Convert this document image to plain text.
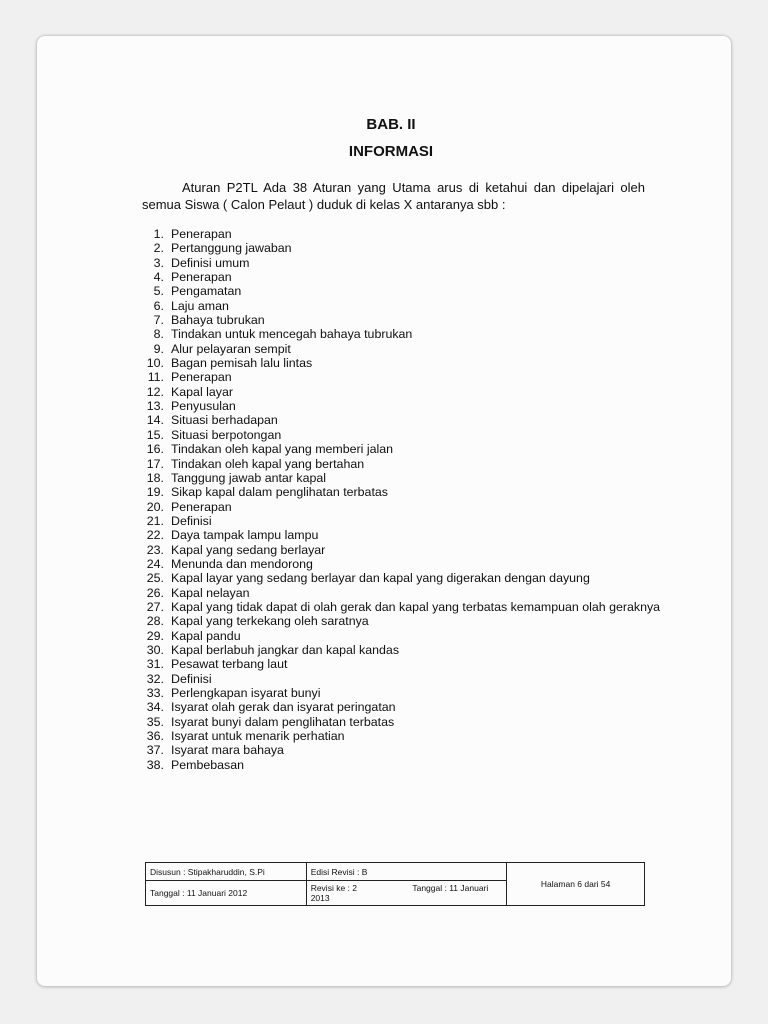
BAB. II
INFORMASI

Aturan P2TL Ada 38 Aturan yang Utama arus di ketahui dan dipelajari oleh semua Siswa ( Calon Pelaut ) duduk di kelas X antaranya sbb :

1. Penerapan
2. Pertanggung jawaban
3. Definisi umum
4. Penerapan
5. Pengamatan
6. Laju aman
7. Bahaya tubrukan
8. Tindakan untuk mencegah bahaya tubrukan
9. Alur pelayaran sempit
10. Bagan pemisah lalu lintas
11. Penerapan
12. Kapal layar
13. Penyusulan
14. Situasi berhadapan
15. Situasi berpotongan
16. Tindakan oleh kapal yang memberi jalan
17. Tindakan oleh kapal yang bertahan
18. Tanggung jawab antar kapal
19. Sikap kapal dalam penglihatan terbatas
20. Penerapan
21. Definisi
22. Daya tampak lampu lampu
23. Kapal yang sedang berlayar
24. Menunda dan mendorong
25. Kapal layar yang sedang berlayar dan kapal yang digerakan dengan dayung
26. Kapal nelayan
27. Kapal yang tidak dapat di olah gerak dan kapal yang terbatas kemampuan olah geraknya
28. Kapal yang terkekang oleh saratnya
29. Kapal pandu
30. Kapal berlabuh jangkar dan kapal kandas
31. Pesawat terbang laut
32. Definisi
33. Perlengkapan isyarat bunyi
34. Isyarat olah gerak dan isyarat peringatan
35. Isyarat bunyi dalam penglihatan terbatas
36. Isyarat untuk menarik perhatian
37. Isyarat mara bahaya
38. Pembebasan
Disusun : Stipakharuddin, S.Pi	Edisi Revisi : B	Halaman 6 dari 54
Tanggal : 11 Januari 2012	Revisi ke : 2 Tanggal : 11 Januari
2013	
